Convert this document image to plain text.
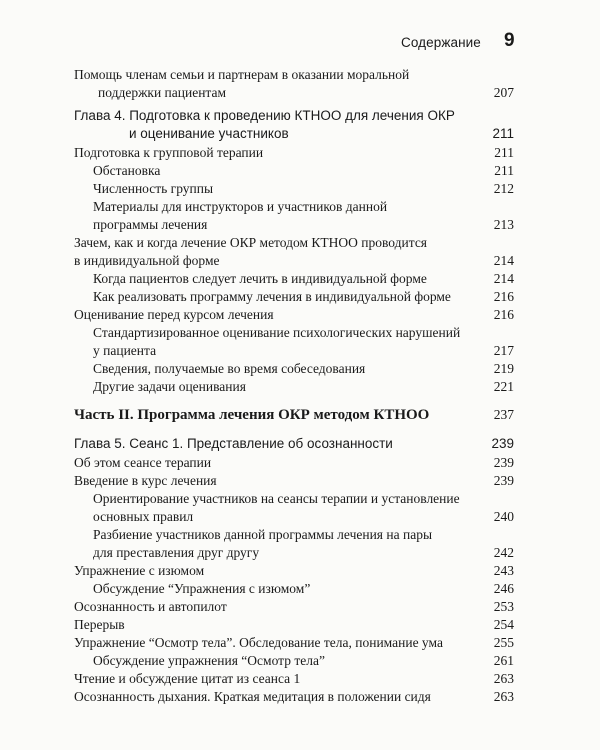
Содержание 9
Помощь членам семьи и партнерам в оказании моральной
поддержки пациентам	207
Глава 4. Подготовка к проведению КТНОО для лечения ОКР
и оценивание участников	211
Подготовка к групповой терапии	211
Обстановка	211
Численность группы	212
Материалы для инструкторов и участников данной
программы лечения	213
Зачем, как и когда лечение ОКР методом КТНОО проводится
в индивидуальной форме	214
Когда пациентов следует лечить в индивидуальной форме	214
Как реализовать программу лечения в индивидуальной форме	216
Оценивание перед курсом лечения	216
Стандартизированное оценивание психологических нарушений
у пациента	217
Сведения, получаемые во время собеседования	219
Другие задачи оценивания	221
Часть II. Программа лечения ОКР методом КТНОО	237
Глава 5. Сеанс 1. Представление об осознанности	239
Об этом сеансе терапии	239
Введение в курс лечения	239
Ориентирование участников на сеансы терапии и установление
основных правил	240
Разбиение участников данной программы лечения на пары
для преставления друг другу	242
Упражнение с изюмом	243
Обсуждение “Упражнения с изюмом”	246
Осознанность и автопилот	253
Перерыв	254
Упражнение “Осмотр тела”. Обследование тела, понимание ума	255
Обсуждение упражнения “Осмотр тела”	261
Чтение и обсуждение цитат из сеанса 1	263
Осознанность дыхания. Краткая медитация в положении сидя	263
